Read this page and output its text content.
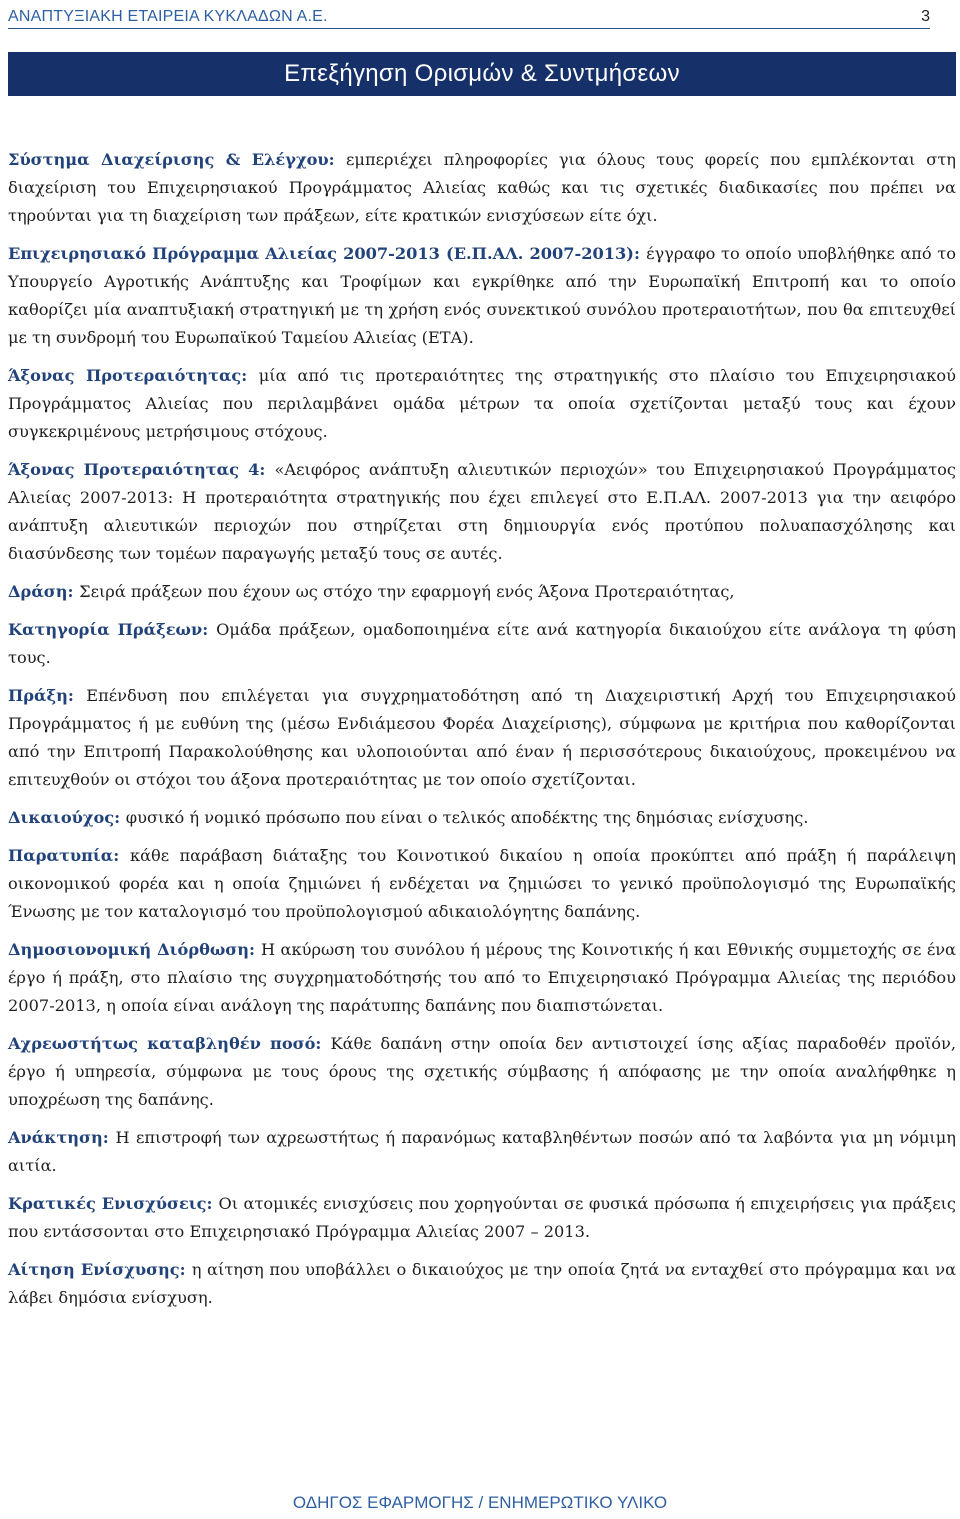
ΑΝΑΠΤΥΞΙΑΚΗ ΕΤΑΙΡΕΙΑ ΚΥΚΛΑΔΩΝ Α.Ε.	3
Επεξήγηση Ορισμών & Συντμήσεων

Σύστημα Διαχείρισης & Ελέγχου: εμπεριέχει πληροφορίες για όλους τους φορείς που εμπλέκονται στη διαχείριση του Επιχειρησιακού Προγράμματος Αλιείας καθώς και τις σχετικές διαδικασίες που πρέπει να τηρούνται για τη διαχείριση των πράξεων, είτε κρατικών ενισχύσεων είτε όχι.

Επιχειρησιακό Πρόγραμμα Αλιείας 2007-2013 (Ε.Π.ΑΛ. 2007-2013): έγγραφο το οποίο υποβλήθηκε από το Υπουργείο Αγροτικής Ανάπτυξης και Τροφίμων και εγκρίθηκε από την Ευρωπαϊκή Επιτροπή και το οποίο καθορίζει μία αναπτυξιακή στρατηγική με τη χρήση ενός συνεκτικού συνόλου προτεραιοτήτων, που θα επιτευχθεί με τη συνδρομή του Ευρωπαϊκού Ταμείου Αλιείας (ΕΤΑ).

Άξονας Προτεραιότητας: μία από τις προτεραιότητες της στρατηγικής στο πλαίσιο του Επιχειρησιακού Προγράμματος Αλιείας που περιλαμβάνει ομάδα μέτρων τα οποία σχετίζονται μεταξύ τους και έχουν συγκεκριμένους μετρήσιμους στόχους.

Άξονας Προτεραιότητας 4: «Αειφόρος ανάπτυξη αλιευτικών περιοχών» του Επιχειρησιακού Προγράμματος Αλιείας 2007-2013: Η προτεραιότητα στρατηγικής που έχει επιλεγεί στο Ε.Π.ΑΛ. 2007-2013 για την αειφόρο ανάπτυξη αλιευτικών περιοχών που στηρίζεται στη δημιουργία ενός προτύπου πολυαπασχόλησης και διασύνδεσης των τομέων παραγωγής μεταξύ τους σε αυτές.

Δράση: Σειρά πράξεων που έχουν ως στόχο την εφαρμογή ενός Άξονα Προτεραιότητας,

Κατηγορία Πράξεων: Ομάδα πράξεων, ομαδοποιημένα είτε ανά κατηγορία δικαιούχου είτε ανάλογα τη φύση τους.

Πράξη: Επένδυση που επιλέγεται για συγχρηματοδότηση από τη Διαχειριστική Αρχή του Επιχειρησιακού Προγράμματος ή με ευθύνη της (μέσω Ενδιάμεσου Φορέα Διαχείρισης), σύμφωνα με κριτήρια που καθορίζονται από την Επιτροπή Παρακολούθησης και υλοποιούνται από έναν ή περισσότερους δικαιούχους, προκειμένου να επιτευχθούν οι στόχοι του άξονα προτεραιότητας με τον οποίο σχετίζονται.

Δικαιούχος: φυσικό ή νομικό πρόσωπο που είναι ο τελικός αποδέκτης της δημόσιας ενίσχυσης.

Παρατυπία: κάθε παράβαση διάταξης του Κοινοτικού δικαίου η οποία προκύπτει από πράξη ή παράλειψη οικονομικού φορέα και η οποία ζημιώνει ή ενδέχεται να ζημιώσει το γενικό προϋπολογισμό της Ευρωπαϊκής Ένωσης με τον καταλογισμό του προϋπολογισμού αδικαιολόγητης δαπάνης.

Δημοσιονομική Διόρθωση: Η ακύρωση του συνόλου ή μέρους της Κοινοτικής ή και Εθνικής συμμετοχής σε ένα έργο ή πράξη, στο πλαίσιο της συγχρηματοδότησής του από το Επιχειρησιακό Πρόγραμμα Αλιείας της περιόδου 2007-2013, η οποία είναι ανάλογη της παράτυπης δαπάνης που διαπιστώνεται.

Αχρεωστήτως καταβληθέν ποσό: Κάθε δαπάνη στην οποία δεν αντιστοιχεί ίσης αξίας παραδοθέν προϊόν, έργο ή υπηρεσία, σύμφωνα με τους όρους της σχετικής σύμβασης ή απόφασης με την οποία αναλήφθηκε η υποχρέωση της δαπάνης.

Ανάκτηση: Η επιστροφή των αχρεωστήτως ή παρανόμως καταβληθέντων ποσών από τα λαβόντα για μη νόμιμη αιτία.

Κρατικές Ενισχύσεις: Οι ατομικές ενισχύσεις που χορηγούνται σε φυσικά πρόσωπα ή επιχειρήσεις για πράξεις που εντάσσονται στο Επιχειρησιακό Πρόγραμμα Αλιείας 2007 – 2013.

Αίτηση Ενίσχυσης: η αίτηση που υποβάλλει ο δικαιούχος με την οποία ζητά να ενταχθεί στο πρόγραμμα και να λάβει δημόσια ενίσχυση.

ΟΔΗΓΟΣ ΕΦΑΡΜΟΓΗΣ / ΕΝΗΜΕΡΩΤΙΚΟ ΥΛΙΚΟ
